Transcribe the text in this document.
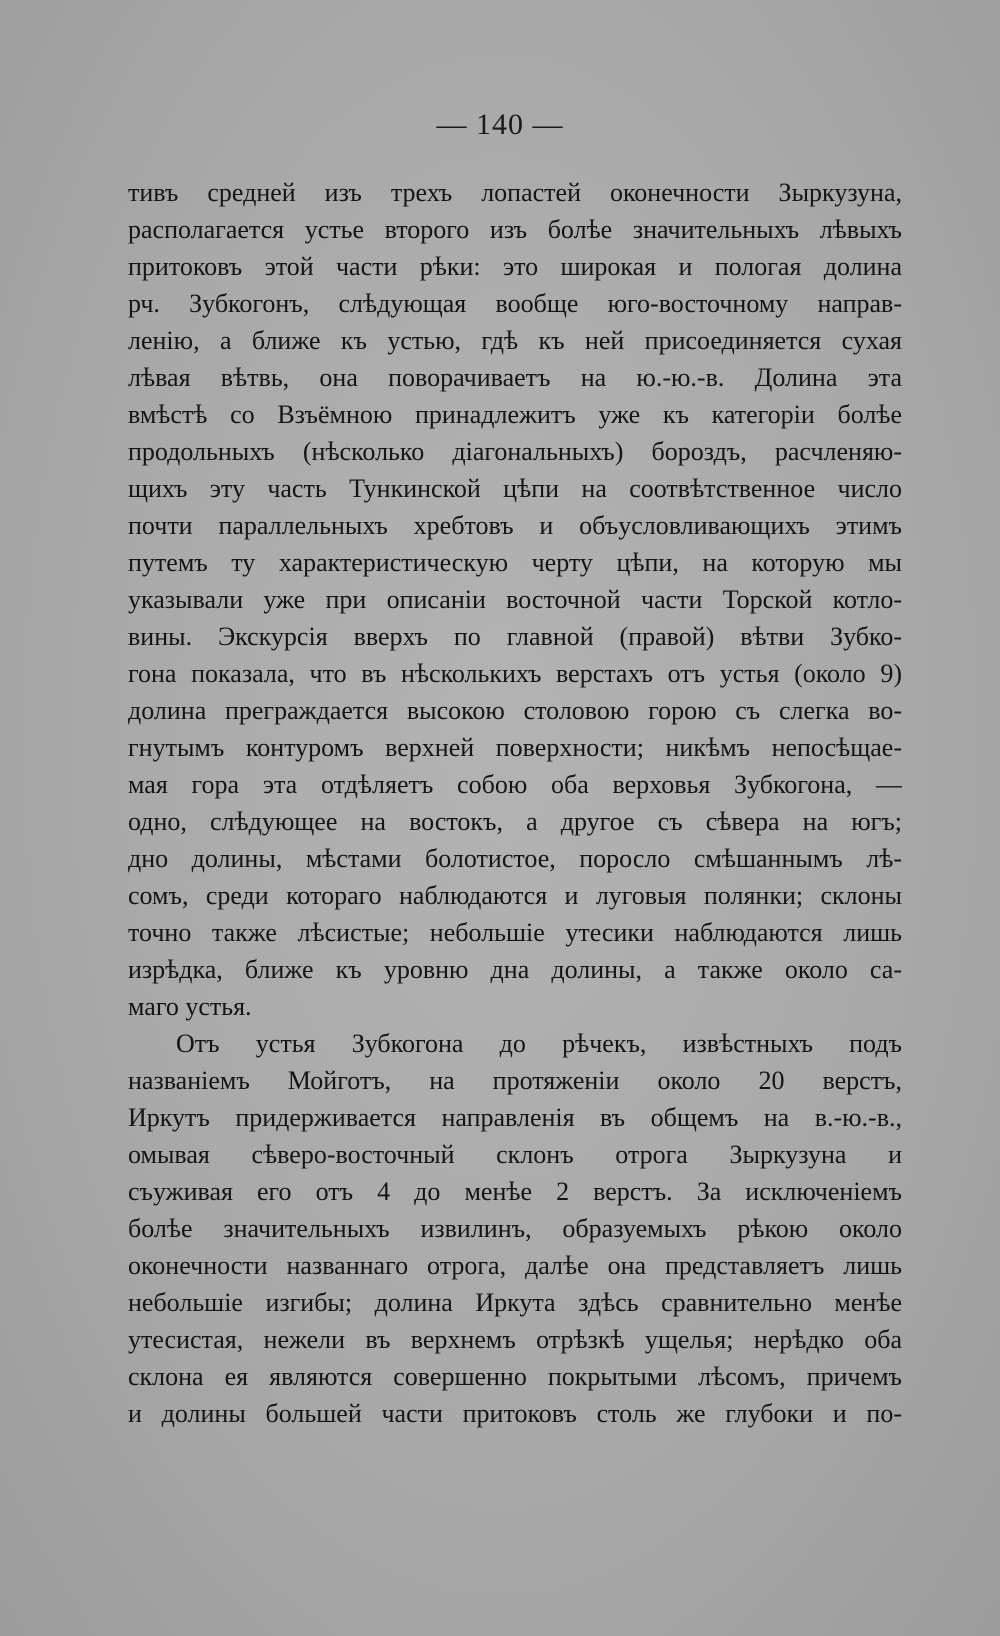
— 140 —
тивъ средней изъ трехъ лопастей оконечности Зыркузуна,
располагается устье второго изъ болѣе значительныхъ лѣвыхъ
притоковъ этой части рѣки: это широкая и пологая долина
рч. Зубкогонъ, слѣдующая вообще юго-восточному направ-
ленію, а ближе къ устью, гдѣ къ ней присоединяется сухая
лѣвая вѣтвь, она поворачиваетъ на ю.-ю.-в. Долина эта
вмѣстѣ со Взъёмною принадлежитъ уже къ категоріи болѣе
продольныхъ (нѣсколько діагональныхъ) бороздъ, расчленяю-
щихъ эту часть Тункинской цѣпи на соотвѣтственное число
почти параллельныхъ хребтовъ и объусловливающихъ этимъ
путемъ ту характеристическую черту цѣпи, на которую мы
указывали уже при описаніи восточной части Торской котло-
вины. Экскурсія вверхъ по главной (правой) вѣтви Зубко-
гона показала, что въ нѣсколькихъ верстахъ отъ устья (около 9)
долина преграждается высокою столовою горою съ слегка во-
гнутымъ контуромъ верхней поверхности; никѣмъ непосѣщае-
мая гора эта отдѣляетъ собою оба верховья Зубкогона, —
одно, слѣдующее на востокъ, а другое съ сѣвера на югъ;
дно долины, мѣстами болотистое, поросло смѣшаннымъ лѣ-
сомъ, среди котораго наблюдаются и луговыя полянки; склоны
точно также лѣсистые; небольшіе утесики наблюдаются лишь
изрѣдка, ближе къ уровню дна долины, а также около са-
маго устья.
Отъ устья Зубкогона до рѣчекъ, извѣстныхъ подъ
названіемъ Мойготъ, на протяженіи около 20 верстъ,
Иркутъ придерживается направленія въ общемъ на в.-ю.-в.,
омывая сѣверо-восточный склонъ отрога Зыркузуна и
съуживая его отъ 4 до менѣе 2 верстъ. За исключеніемъ
болѣе значительныхъ извилинъ, образуемыхъ рѣкою около
оконечности названнаго отрога, далѣе она представляетъ лишь
небольшіе изгибы; долина Иркута здѣсь сравнительно менѣе
утесистая, нежели въ верхнемъ отрѣзкѣ ущелья; нерѣдко оба
склона ея являются совершенно покрытыми лѣсомъ, причемъ
и долины большей части притоковъ столь же глубоки и по-
